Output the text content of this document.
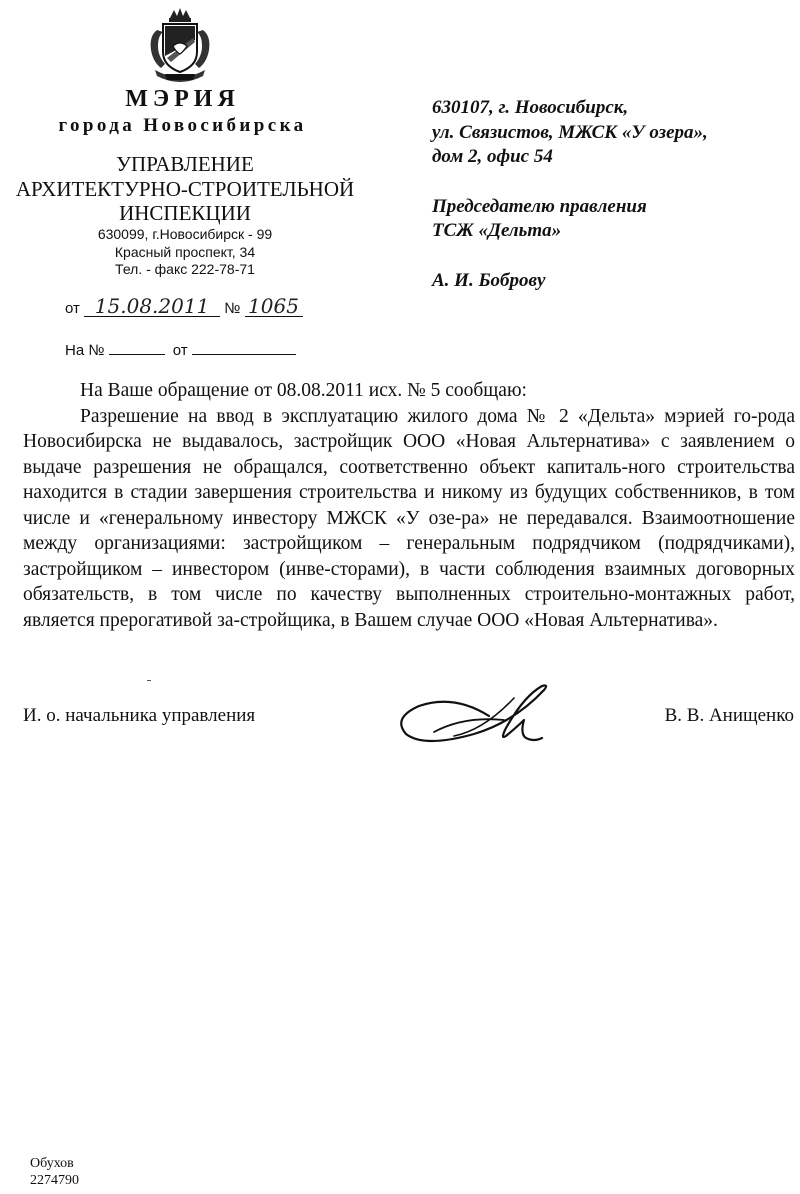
МЭРИЯ
города Новосибирска
УПРАВЛЕНИЕ
АРХИТЕКТУРНО-СТРОИТЕЛЬНОЙ
ИНСПЕКЦИИ
630099, г.Новосибирск - 99
Красный проспект, 34
Тел. - факс 222-78-71
от 15.08.2011 № 1065
На №	от
630107, г. Новосибирск,
ул. Связистов, МЖСК «У озера»,
дом 2, офис 54
Председателю правления
ТСЖ «Дельта»
А. И. Боброву

На Ваше обращение от 08.08.2011 исх. № 5 сообщаю:

Разрешение на ввод в эксплуатацию жилого дома № 2 «Дельта» мэрией го-рода Новосибирска не выдавалось, застройщик ООО «Новая Альтернатива» с заявлением о выдаче разрешения не обращался, соответственно объект капиталь-ного строительства находится в стадии завершения строительства и никому из будущих собственников, в том числе и «генеральному инвестору МЖСК «У озе-ра» не передавался. Взаимоотношение между организациями: застройщиком – генеральным подрядчиком (подрядчиками), застройщиком – инвестором (инве-сторами), в части соблюдения взаимных договорных обязательств, в том числе по качеству выполненных строительно-монтажных работ, является прерогативой за-стройщика, в Вашем случае ООО «Новая Альтернатива».

И. о. начальника управления	В. В. Анищенко
Обухов
2274790
